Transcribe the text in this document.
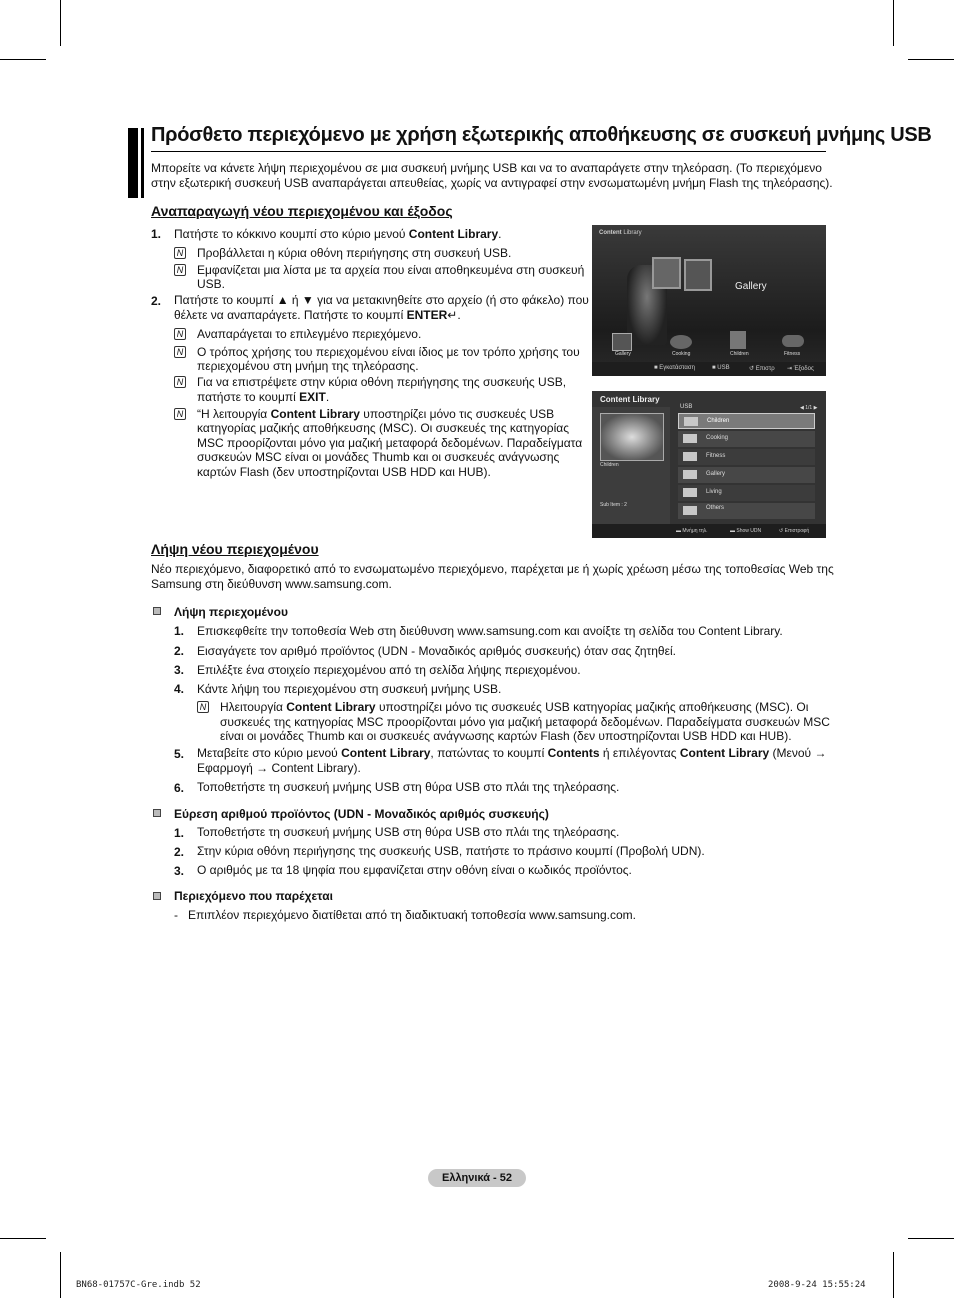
Πρόσθετο περιεχόμενο με χρήση εξωτερικής αποθήκευσης σε συσκευή μνήμης USB
Μπορείτε να κάνετε λήψη περιεχομένου σε μια συσκευή μνήμης USB και να το αναπαράγετε στην τηλεόραση. (Το περιεχόμενο
στην εξωτερική συσκευή USB αναπαράγεται απευθείας, χωρίς να αντιγραφεί στην ενσωματωμένη μνήμη Flash της τηλεόρασης).
Αναπαραγωγή νέου περιεχομένου και έξοδος
1. Πατήστε το κόκκινο κουμπί στο κύριο μενού Content Library.
N Προβάλλεται η κύρια οθόνη περιήγησης στη συσκευή USB.
N Εμφανίζεται μια λίστα με τα αρχεία που είναι αποθηκευμένα στη συσκευή
USB.
2. Πατήστε το κουμπί ▲ ή ▼ για να μετακινηθείτε στο αρχείο (ή στο φάκελο) που
θέλετε να αναπαράγετε. Πατήστε το κουμπί ENTER↵.
N Αναπαράγεται το επιλεγμένο περιεχόμενο.
N Ο τρόπος χρήσης του περιεχομένου είναι ίδιος με τον τρόπο χρήσης του
περιεχομένου στη μνήμη της τηλεόρασης.
N Για να επιστρέψετε στην κύρια οθόνη περιήγησης της συσκευής USB,
πατήστε το κουμπί EXIT.
N “Η λειτουργία Content Library υποστηρίζει μόνο τις συσκευές USB
κατηγορίας μαζικής αποθήκευσης (MSC). Οι συσκευές της κατηγορίας
MSC προορίζονται μόνο για μαζική μεταφορά δεδομένων. Παραδείγματα
συσκευών MSC είναι οι μονάδες Thumb και οι συσκευές ανάγνωσης
καρτών Flash (δεν υποστηρίζονται USB HDD και HUB).
Content Library
Gallery
Gallery	Cooking	Children	Fitness
■ Εγκατάσταση	■ USB	↺ Επιστρ ⇥ Έξοδος
Content Library
Children
Sub Item : 2
USB	◀ 1/1 ▶
Children
Cooking
Fitness
Gallery
Living
Others
▬ Μνήμη τηλ.	▬ Show UDN	↺ Επιστροφή
Λήψη νέου περιεχομένου
Νέο περιεχόμενο, διαφορετικό από το ενσωματωμένο περιεχόμενο, παρέχεται με ή χωρίς χρέωση μέσω της τοποθεσίας Web της
Samsung στη διεύθυνση www.samsung.com.
Λήψη περιεχομένου
1. Επισκεφθείτε την τοποθεσία Web στη διεύθυνση www.samsung.com και ανοίξτε τη σελίδα του Content Library.
2. Εισαγάγετε τον αριθμό προϊόντος (UDN - Μοναδικός αριθμός συσκευής) όταν σας ζητηθεί.
3. Επιλέξτε ένα στοιχείο περιεχομένου από τη σελίδα λήψης περιεχομένου.
4. Κάντε λήψη του περιεχομένου στη συσκευή μνήμης USB.
N Ηλειτουργία Content Library υποστηρίζει μόνο τις συσκευές USB κατηγορίας μαζικής αποθήκευσης (MSC). Οι
συσκευές της κατηγορίας MSC προορίζονται μόνο για μαζική μεταφορά δεδομένων. Παραδείγματα συσκευών MSC
είναι οι μονάδες Thumb και οι συσκευές ανάγνωσης καρτών Flash (δεν υποστηρίζονται USB HDD και HUB).
5. Μεταβείτε στο κύριο μενού Content Library, πατώντας το κουμπί Contents ή επιλέγοντας Content Library (Μενού →
Εφαρμογή → Content Library).
6. Τοποθετήστε τη συσκευή μνήμης USB στη θύρα USB στο πλάι της τηλεόρασης.
Εύρεση αριθμού προϊόντος (UDN - Μοναδικός αριθμός συσκευής)
1. Τοποθετήστε τη συσκευή μνήμης USB στη θύρα USB στο πλάι της τηλεόρασης.
2. Στην κύρια οθόνη περιήγησης της συσκευής USB, πατήστε το πράσινο κουμπί (Προβολή UDN).
3. Ο αριθμός με τα 18 ψηφία που εμφανίζεται στην οθόνη είναι ο κωδικός προϊόντος.
Περιεχόμενο που παρέχεται
- Επιπλέον περιεχόμενο διατίθεται από τη διαδικτυακή τοποθεσία www.samsung.com.
Ελληνικά - 52
BN68-01757C-Gre.indb 52	2008-9-24 15:55:24
